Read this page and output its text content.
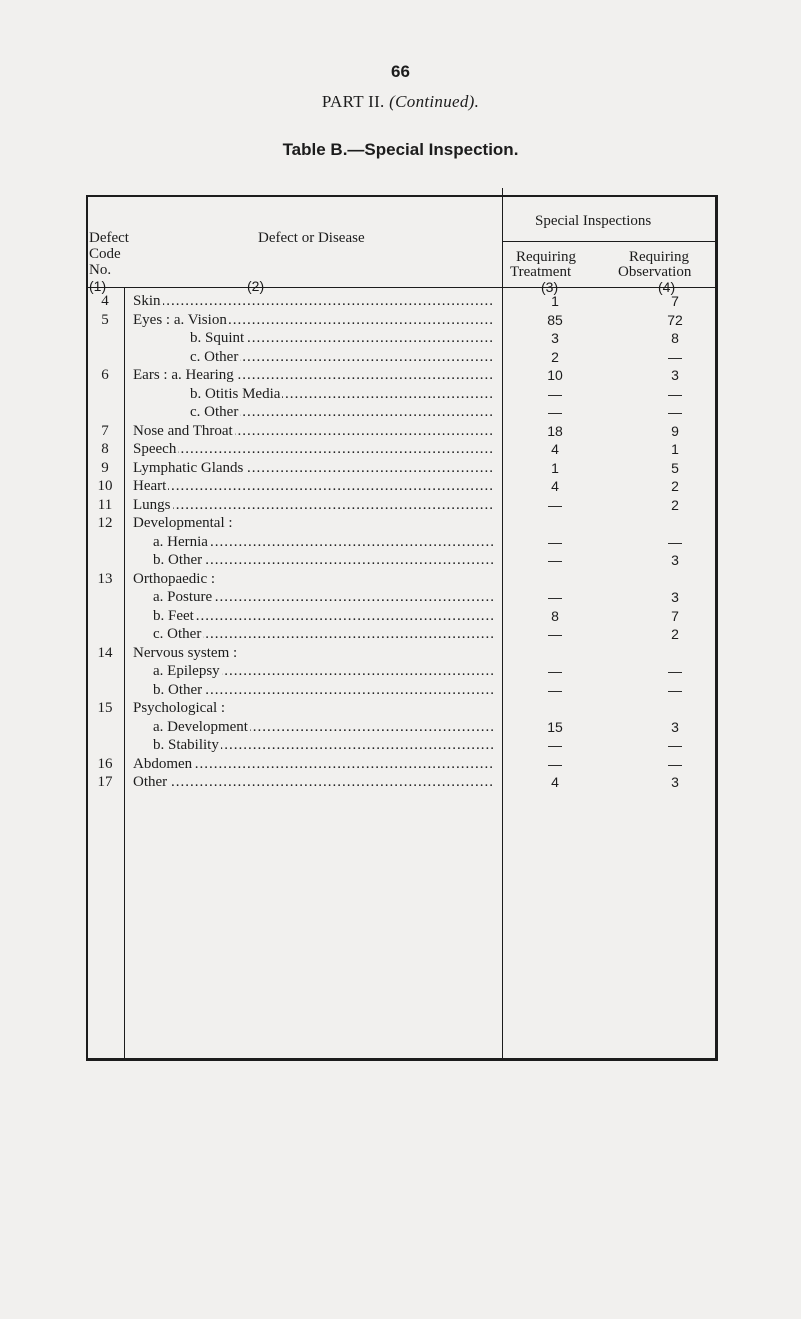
66
PART II. (Continued).
Table B.—Special Inspection.
Defect
Code
No.
(1)
Defect or Disease
(2)
Special Inspections
Requiring
Treatment
(3)
Requiring
Observation
(4)
4	Skin .....	1	7
5	Eyes : a. Vision .....	85	72
b. Squint .....	3	8
c. Other .....	2	—
6	Ears : a. Hearing .....	10	3
b. Otitis Media .....	—	—
c. Other .....	—	—
7	Nose and Throat .....	18	9
8	Speech .....	4	1
9	Lymphatic Glands .....	1	5
10	Heart .....	4	2
11	Lungs .....	—	2
12	Developmental :
a. Hernia .....	—	—
b. Other .....	—	3
13	Orthopaedic :
a. Posture .....	—	3
b. Feet .....	8	7
c. Other .....	—	2
14	Nervous system :
a. Epilepsy .....	—	—
b. Other .....	—	—
15	Psychological :
a. Development .....	15	3
b. Stability .....	—	—
16	Abdomen .....	—	—
17	Other .....	4	3
